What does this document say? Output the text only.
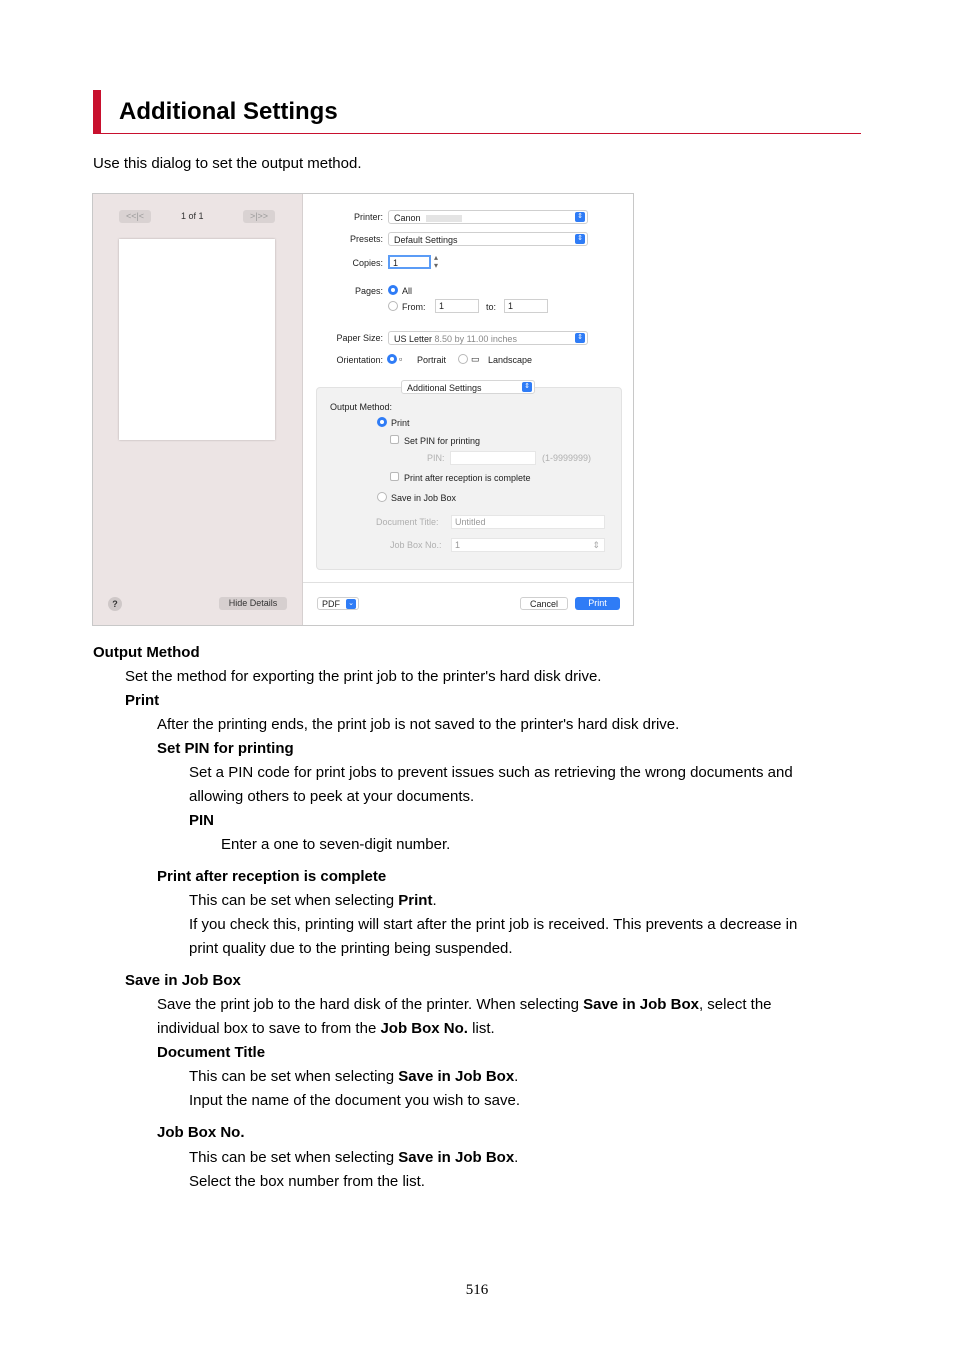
Additional Settings
Use this dialog to set the output method.
<<|<	1 of 1	>|>>
?	Hide Details
Printer:	Canon	⇕
Presets:	Default Settings	⇕
Copies:	1
▴
▾
Pages: All
From:	1	to:	1
Paper Size:	US Letter 8.50 by 11.00 inches	⇕
Orientation: ▫ Portrait	▭ Landscape
Additional Settings	⇕
Output Method:
Print
Set PIN for printing
PIN:	(1-9999999)
Print after reception is complete
Save in Job Box
Document Title:	Untitled
Job Box No.:	1	⇕
PDF ⌄	Cancel	Print
Output Method
Set the method for exporting the print job to the printer's hard disk drive.
Print
After the printing ends, the print job is not saved to the printer's hard disk drive.
Set PIN for printing
Set a PIN code for print jobs to prevent issues such as retrieving the wrong documents and
allowing others to peek at your documents.
PIN
Enter a one to seven-digit number.
Print after reception is complete
This can be set when selecting Print.
If you check this, printing will start after the print job is received. This prevents a decrease in
print quality due to the printing being suspended.
Save in Job Box
Save the print job to the hard disk of the printer. When selecting Save in Job Box, select the
individual box to save to from the Job Box No. list.
Document Title
This can be set when selecting Save in Job Box.
Input the name of the document you wish to save.
Job Box No.
This can be set when selecting Save in Job Box.
Select the box number from the list.
516
